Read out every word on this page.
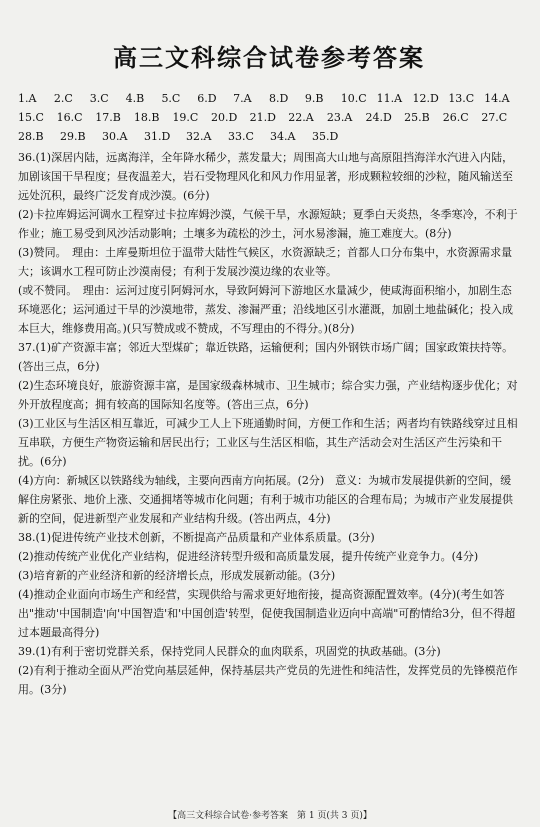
高三文科综合试卷参考答案
1.A	2.C	3.C	4.B	5.C	6.D	7.A	8.D	9.B	10.C 11.A 12.D 13.C 14.A
15.C	16.C	17.B	18.B	19.C	20.D	21.D	22.A	23.A	24.D	25.B	26.C	27.C
28.B	29.B	30.A	31.D	32.A	33.C	34.A	35.D

36.(1)深居内陆，远离海洋，全年降水稀少，蒸发量大；周围高大山地与高原阻挡海洋水汽进入内陆，加剧该国干旱程度；昼夜温差大，岩石受物理风化和风力作用显著，形成颗粒较细的沙粒，随风输送至远处沉积，最终广泛发育成沙漠。(6分)

(2)卡拉库姆运河调水工程穿过卡拉库姆沙漠，气候干旱，水源短缺；夏季白天炎热，冬季寒冷，不利于作业；施工易受到风沙活动影响；土壤多为疏松的沙土，河水易渗漏，施工难度大。(8分)

(3)赞同。　理由：土库曼斯坦位于温带大陆性气候区，水资源缺乏；首都人口分布集中，水资源需求量大；该调水工程可防止沙漠南侵；有利于发展沙漠边缘的农业等。

(或不赞同。　理由：运河过度引阿姆河水，导致阿姆河下游地区水量减少，使咸海面积缩小，加剧生态环境恶化；运河通过干旱的沙漠地带，蒸发、渗漏严重；沿线地区引水灌溉，加剧土地盐碱化；投入成本巨大，维修费用高。)(只写赞成或不赞成，不写理由的不得分。)(8分)

37.(1)矿产资源丰富；邻近大型煤矿；靠近铁路，运输便利；国内外钢铁市场广阔；国家政策扶持等。(答出三点，6分)

(2)生态环境良好，旅游资源丰富，是国家级森林城市、卫生城市；综合实力强，产业结构逐步优化；对外开放程度高；拥有较高的国际知名度等。(答出三点，6分)

(3)工业区与生活区相互靠近，可减少工人上下班通勤时间，方便工作和生活；两者均有铁路线穿过且相互串联，方便生产物资运输和居民出行；工业区与生活区相临，其生产活动会对生活区产生污染和干扰。(6分)

(4)方向：新城区以铁路线为轴线，主要向西南方向拓展。(2分)　意义：为城市发展提供新的空间，缓解住房紧张、地价上涨、交通拥堵等城市化问题；有利于城市功能区的合理布局；为城市产业发展提供新的空间，促进新型产业发展和产业结构升级。(答出两点，4分)

38.(1)促进传统产业技术创新，不断提高产品质量和产业体系质量。(3分)

(2)推动传统产业优化产业结构，促进经济转型升级和高质量发展，提升传统产业竞争力。(4分)

(3)培育新的产业经济和新的经济增长点，形成发展新动能。(3分)

(4)推动企业面向市场生产和经营，实现供给与需求更好地衔接，提高资源配置效率。(4分)(考生如答出"推动'中国制造'向'中国智造'和'中国创造'转型，促使我国制造业迈向中高端"可酌情给3分，但不得超过本题最高得分)

39.(1)有利于密切党群关系，保持党同人民群众的血肉联系，巩固党的执政基础。(3分)

(2)有利于推动全面从严治党向基层延伸，保持基层共产党员的先进性和纯洁性，发挥党员的先锋模范作用。(3分)

【高三文科综合试卷·参考答案　第 1 页(共 3 页)】
